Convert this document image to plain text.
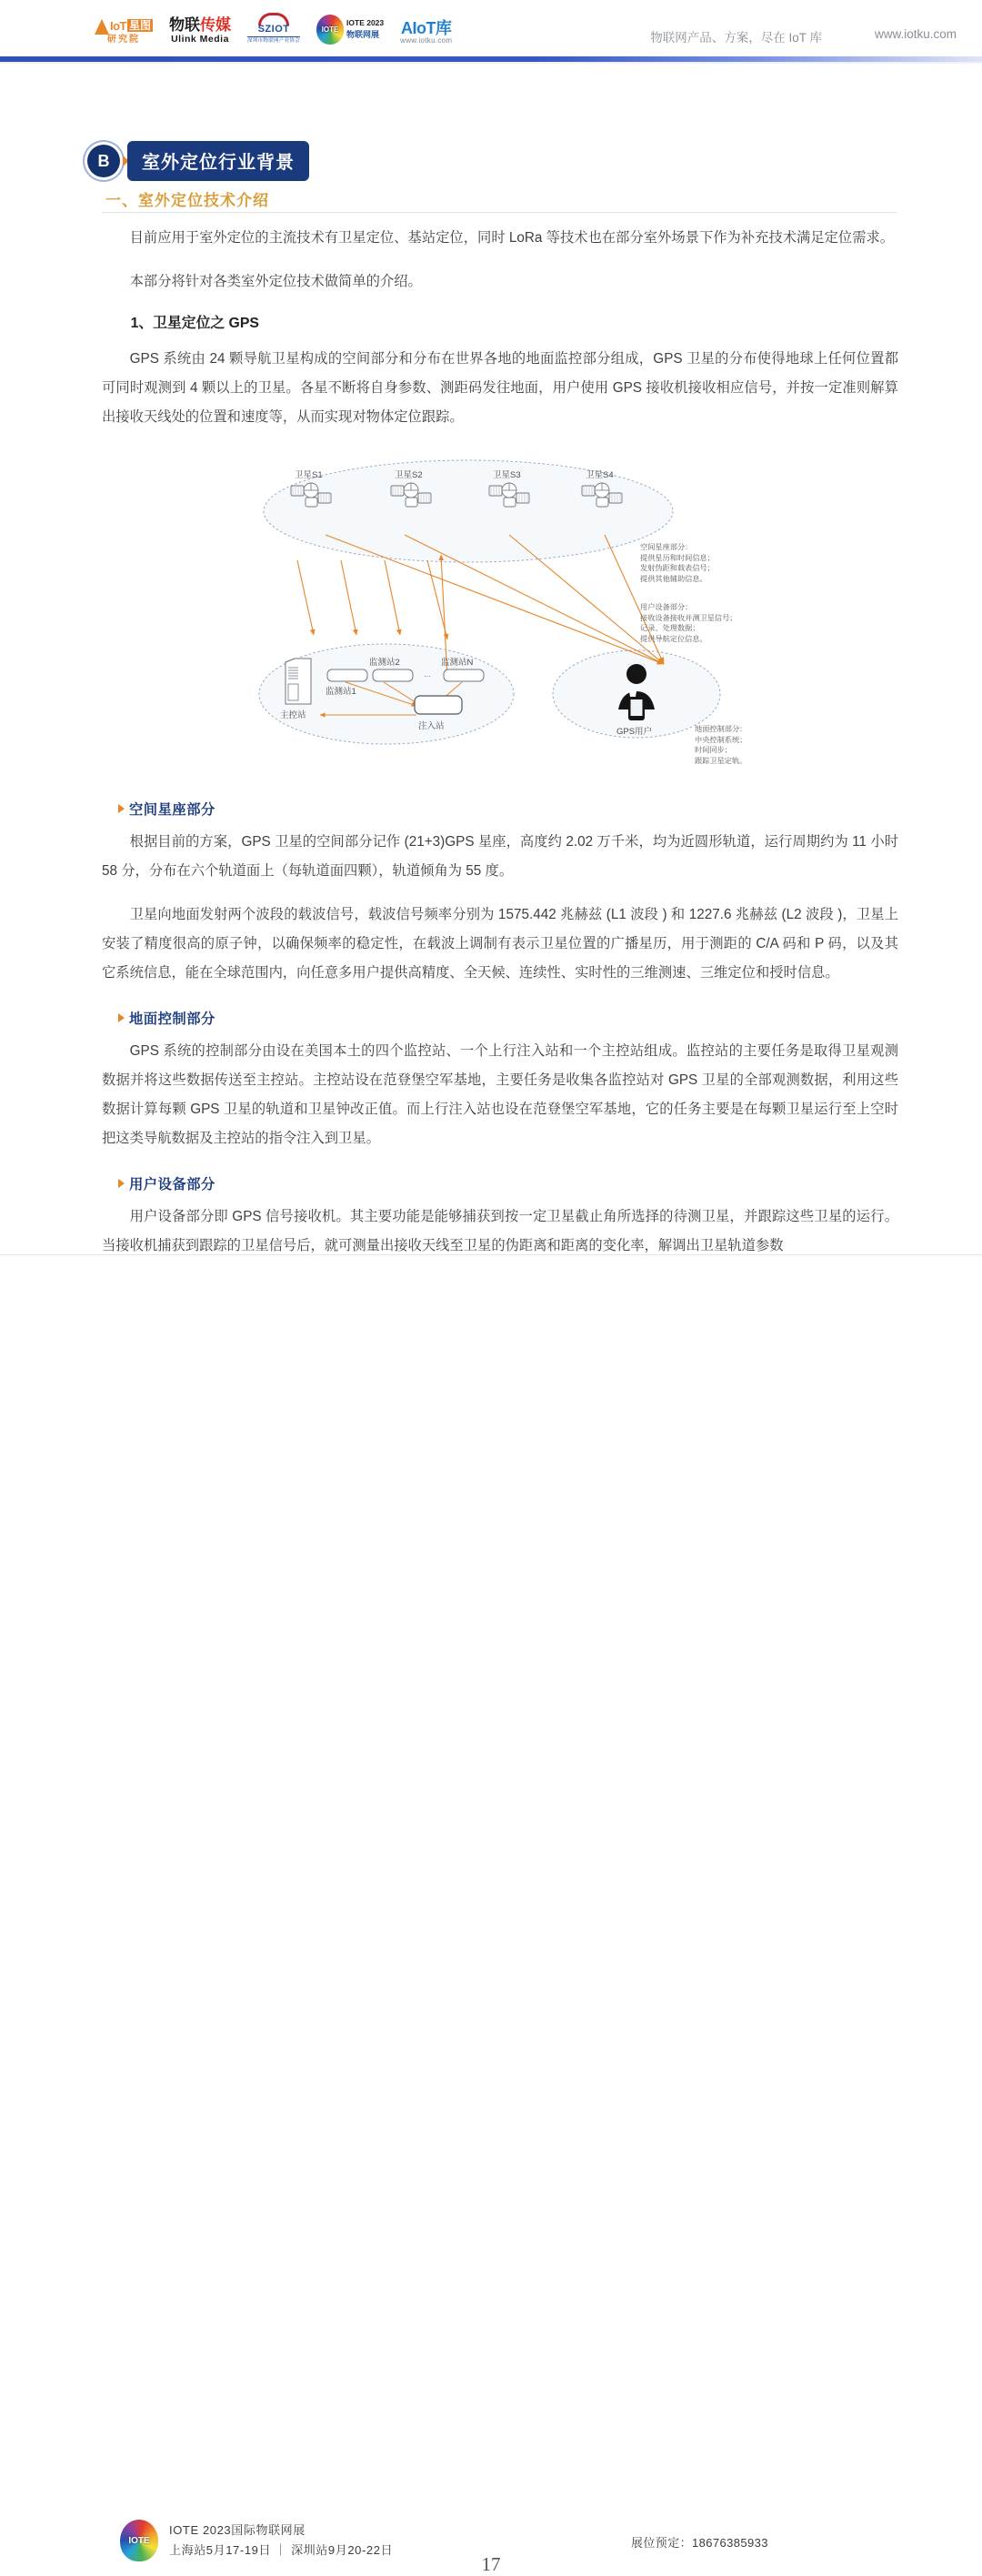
IoT 星图
研究院
物联传媒
Ulink Media
SZIOT
深圳市物联网产业协会
IOTE
IOTE 2023
物联网展 AIoT库
www.iotku.com	物联网产品、方案，尽在 IoT 库	www.iotku.com
B	室外定位行业背景
一、室外定位技术介绍

目前应用于室外定位的主流技术有卫星定位、基站定位，同时 LoRa 等技术也在部分室外场景下作为补充技术满足定位需求。

本部分将针对各类室外定位技术做简单的介绍。

1、卫星定位之 GPS

GPS 系统由 24 颗导航卫星构成的空间部分和分布在世界各地的地面监控部分组成，GPS 卫星的分布使得地球上任何位置都可同时观测到 4 颗以上的卫星。各星不断将自身参数、测距码发往地面，用户使用 GPS 接收机接收相应信号，并按一定准则解算出接收天线处的位置和速度等，从而实现对物体定位跟踪。

卫星S1	卫星S2	卫星S3	卫星S4
主控站
监测站1
监测站2	监测站N
...
注入站
GPS用户
空间星座部分：
提供星历和时间信息；
发射伪距和载表信号；
提供其他辅助信息。
用户设备部分：
接收设备接收并测卫星信号；
记录、处理数据；
提供导航定位信息。
地面控制部分：
中央控制系统；
时间同步；
跟踪卫星定轨。
空间星座部分

根据目前的方案，GPS 卫星的空间部分记作 (21+3)GPS 星座，高度约 2.02 万千米，均为近圆形轨道，运行周期约为 11 小时 58 分，分布在六个轨道面上（每轨道面四颗），轨道倾角为 55 度。

卫星向地面发射两个波段的载波信号，载波信号频率分别为 1575.442 兆赫兹 (L1 波段 ) 和 1227.6 兆赫兹 (L2 波段 )，卫星上安装了精度很高的原子钟，以确保频率的稳定性，在载波上调制有表示卫星位置的广播星历，用于测距的 C/A 码和 P 码，以及其它系统信息，能在全球范围内，向任意多用户提供高精度、全天候、连续性、实时性的三维测速、三维定位和授时信息。

地面控制部分

GPS 系统的控制部分由设在美国本土的四个监控站、一个上行注入站和一个主控站组成。监控站的主要任务是取得卫星观测数据并将这些数据传送至主控站。主控站设在范登堡空军基地，主要任务是收集各监控站对 GPS 卫星的全部观测数据，利用这些数据计算每颗 GPS 卫星的轨道和卫星钟改正值。而上行注入站也设在范登堡空军基地，它的任务主要是在每颗卫星运行至上空时把这类导航数据及主控站的指令注入到卫星。

用户设备部分

用户设备部分即 GPS 信号接收机。其主要功能是能够捕获到按一定卫星截止角所选择的待测卫星，并跟踪这些卫星的运行。当接收机捕获到跟踪的卫星信号后，就可测量出接收天线至卫星的伪距离和距离的变化率，解调出卫星轨道参数

IOTE
IOTE 2023国际物联网展
上海站5月17-19日 ｜ 深圳站9月20-22日
展位预定：18676385933
17
